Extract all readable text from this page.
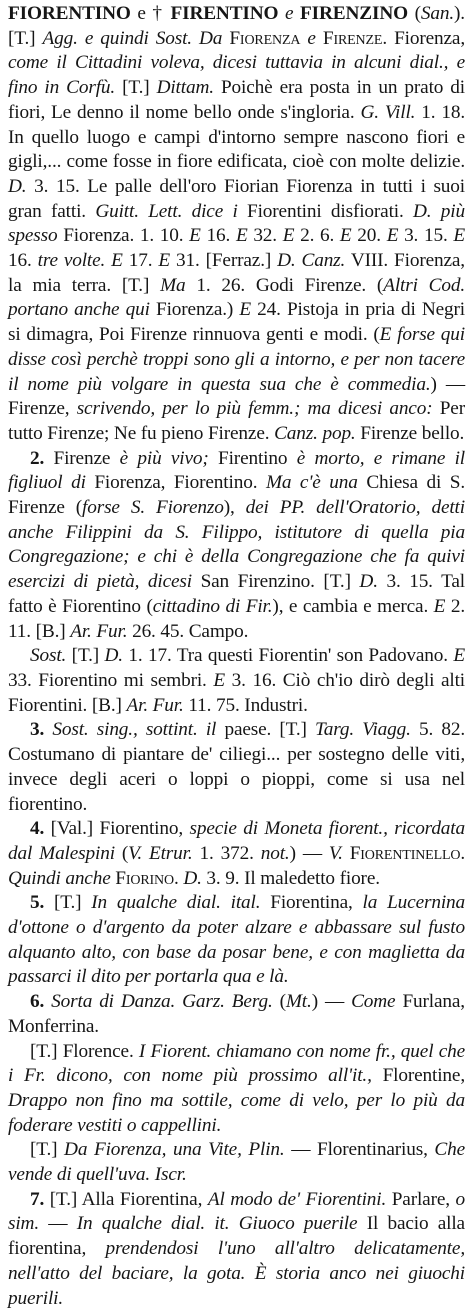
FIORENTINO e † FIRENTINO e FIRENZINO (San.). [T.] Agg. e quindi Sost. Da Fiorenza e Firenze. Fiorenza, come il Cittadini voleva, dicesi tuttavia in alcuni dial., e fino in Corfù. [T.] Dittam. Poichè era posta in un prato di fiori, Le denno il nome bello onde s'ingloria. G. Vill. 1. 18. In quello luogo e campi d'intorno sempre nascono fiori e gigli,... come fosse in fiore edificata, cioè con molte delizie. D. 3. 15. Le palle dell'oro Fiorian Fiorenza in tutti i suoi gran fatti. Guitt. Lett. dice i Fiorentini disfiorati. D. più spesso Fiorenza. 1. 10. E 16. E 32. E 2. 6. E 20. E 3. 15. E 16. tre volte. E 17. E 31. [Ferraz.] D. Canz. VIII. Fiorenza, la mia terra. [T.] Ma 1. 26. Godi Firenze. (Altri Cod. portano anche qui Fiorenza.) E 24. Pistoja in pria di Negri si dimagra, Poi Firenze rinnuova genti e modi. (E forse qui disse così perchè troppi sono gli a intorno, e per non tacere il nome più volgare in questa sua che è commedia.) — Firenze, scrivendo, per lo più femm.; ma dicesi anco: Per tutto Firenze; Ne fu pieno Firenze. Canz. pop. Firenze bello.

2. Firenze è più vivo; Firentino è morto, e rimane il figliuol di Fiorenza, Fiorentino. Ma c'è una Chiesa di S. Firenze (forse S. Fiorenzo), dei PP. dell'Oratorio, detti anche Filippini da S. Filippo, istitutore di quella pia Congregazione; e chi è della Congregazione che fa quivi esercizi di pietà, dicesi San Firenzino. [T.] D. 3. 15. Tal fatto è Fiorentino (cittadino di Fir.), e cambia e merca. E 2. 11. [B.] Ar. Fur. 26. 45. Campo.

Sost. [T.] D. 1. 17. Tra questi Fiorentin' son Padovano. E 33. Fiorentino mi sembri. E 3. 16. Ciò ch'io dirò degli alti Fiorentini. [B.] Ar. Fur. 11. 75. Industri.

3. Sost. sing., sottint. il paese. [T.] Targ. Viagg. 5. 82. Costumano di piantare de' ciliegi... per sostegno delle viti, invece degli aceri o loppi o pioppi, come si usa nel fiorentino.

4. [Val.] Fiorentino, specie di Moneta fiorent., ricordata dal Malespini (V. Etrur. 1. 372. not.) — V. Fiorentinello. Quindi anche Fiorino. D. 3. 9. Il maledetto fiore.

5. [T.] In qualche dial. ital. Fiorentina, la Lucernina d'ottone o d'argento da poter alzare e abbassare sul fusto alquanto alto, con base da posar bene, e con maglietta da passarci il dito per portarla qua e là.

6. Sorta di Danza. Garz. Berg. (Mt.) — Come Furlana, Monferrina.

[T.] Florence. I Fiorent. chiamano con nome fr., quel che i Fr. dicono, con nome più prossimo all'it., Florentine, Drappo non fino ma sottile, come di velo, per lo più da foderare vestiti o cappellini.

[T.] Da Fiorenza, una Vite, Plin. — Florentinarius, Che vende di quell'uva. Iscr.

7. [T.] Alla Fiorentina, Al modo de' Fiorentini. Parlare, o sim. — In qualche dial. it. Giuoco puerile Il bacio alla fiorentina, prendendosi l'uno all'altro delicatamente, nell'atto del baciare, la gota. È storia anco nei giuochi puerili.
